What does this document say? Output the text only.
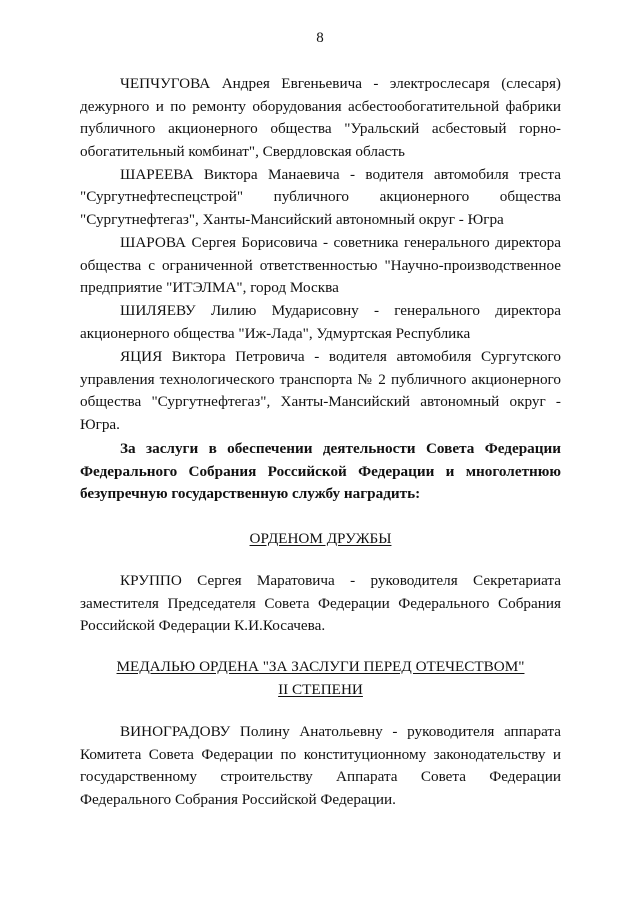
8

ЧЕПЧУГОВА Андрея Евгеньевича - электрослесаря (слесаря) дежурного и по ремонту оборудования асбестообогатительной фабрики публичного акционерного общества "Уральский асбестовый горно-обогатительный комбинат", Свердловская область

ШАРЕЕВА Виктора Манаевича - водителя автомобиля треста "Сургутнефтеспецстрой" публичного акционерного общества "Сургутнефтегаз", Ханты-Мансийский автономный округ - Югра

ШАРОВА Сергея Борисовича - советника генерального директора общества с ограниченной ответственностью "Научно-производственное предприятие "ИТЭЛМА", город Москва

ШИЛЯЕВУ Лилию Мударисовну - генерального директора акционерного общества "Иж-Лада", Удмуртская Республика

ЯЦИЯ Виктора Петровича - водителя автомобиля Сургутского управления технологического транспорта № 2 публичного акционерного общества "Сургутнефтегаз", Ханты-Мансийский автономный округ - Югра.

За заслуги в обеспечении деятельности Совета Федерации Федерального Собрания Российской Федерации и многолетнюю безупречную государственную службу наградить:

ОРДЕНОМ ДРУЖБЫ

КРУППО Сергея Маратовича - руководителя Секретариата заместителя Председателя Совета Федерации Федерального Собрания Российской Федерации К.И.Косачева.

МЕДАЛЬЮ ОРДЕНА "ЗА ЗАСЛУГИ ПЕРЕД ОТЕЧЕСТВОМ"
II СТЕПЕНИ

ВИНОГРАДОВУ Полину Анатольевну - руководителя аппарата Комитета Совета Федерации по конституционному законодательству и государственному строительству Аппарата Совета Федерации Федерального Собрания Российской Федерации.
